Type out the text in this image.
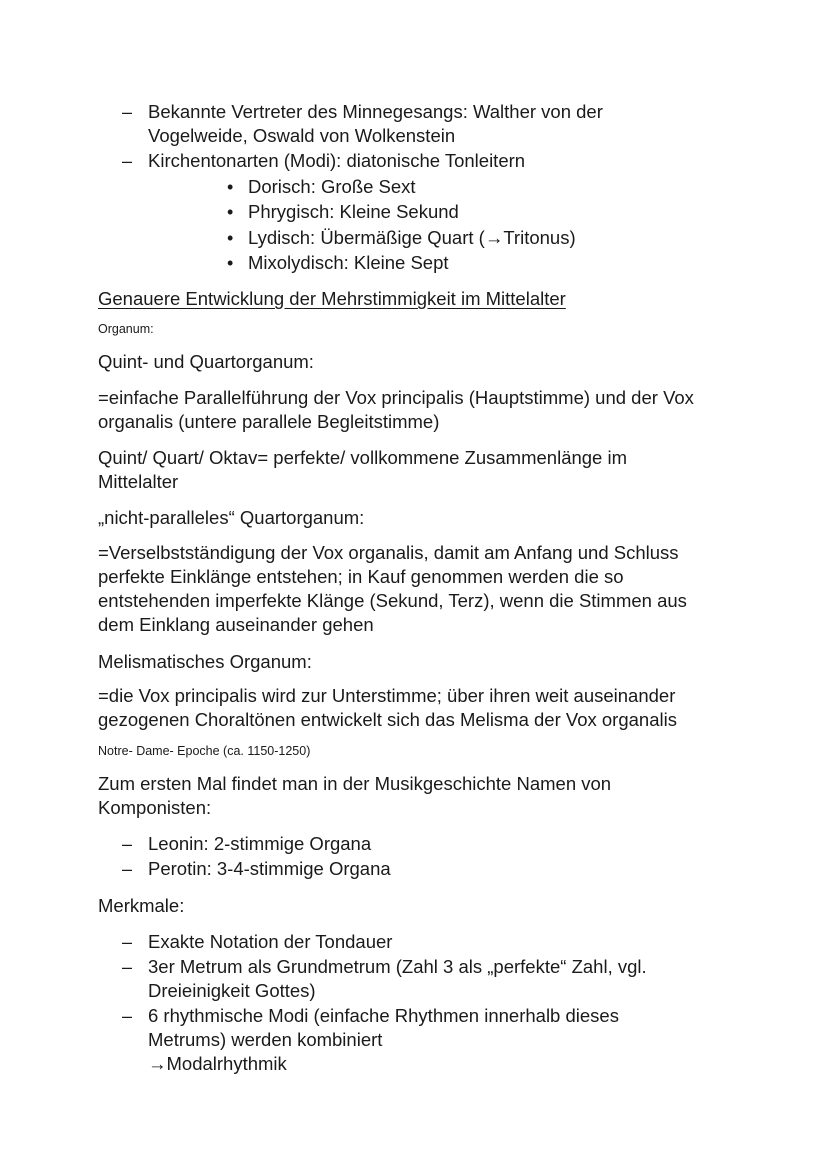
– Bekannte Vertreter des Minnegesangs: Walther von der
Vogelweide, Oswald von Wolkenstein
– Kirchentonarten (Modi): diatonische Tonleitern
• Dorisch: Große Sext
• Phrygisch: Kleine Sekund
• Lydisch: Übermäßige Quart (→Tritonus)
• Mixolydisch: Kleine Sept
Genauere Entwicklung der Mehrstimmigkeit im Mittelalter
Organum:
Quint- und Quartorganum:
=einfache Parallelführung der Vox principalis (Hauptstimme) und der Vox
organalis (untere parallele Begleitstimme)
Quint/ Quart/ Oktav= perfekte/ vollkommene Zusammenlänge im
Mittelalter
„nicht-paralleles“ Quartorganum:
=Verselbstständigung der Vox organalis, damit am Anfang und Schluss
perfekte Einklänge entstehen; in Kauf genommen werden die so
entstehenden imperfekte Klänge (Sekund, Terz), wenn die Stimmen aus
dem Einklang auseinander gehen
Melismatisches Organum:
=die Vox principalis wird zur Unterstimme; über ihren weit auseinander
gezogenen Choraltönen entwickelt sich das Melisma der Vox organalis
Notre- Dame- Epoche (ca. 1150-1250)
Zum ersten Mal findet man in der Musikgeschichte Namen von
Komponisten:
– Leonin: 2-stimmige Organa
– Perotin: 3-4-stimmige Organa
Merkmale:
– Exakte Notation der Tondauer
– 3er Metrum als Grundmetrum (Zahl 3 als „perfekte“ Zahl, vgl.
Dreieinigkeit Gottes)
– 6 rhythmische Modi (einfache Rhythmen innerhalb dieses
Metrums) werden kombiniert
→Modalrhythmik
